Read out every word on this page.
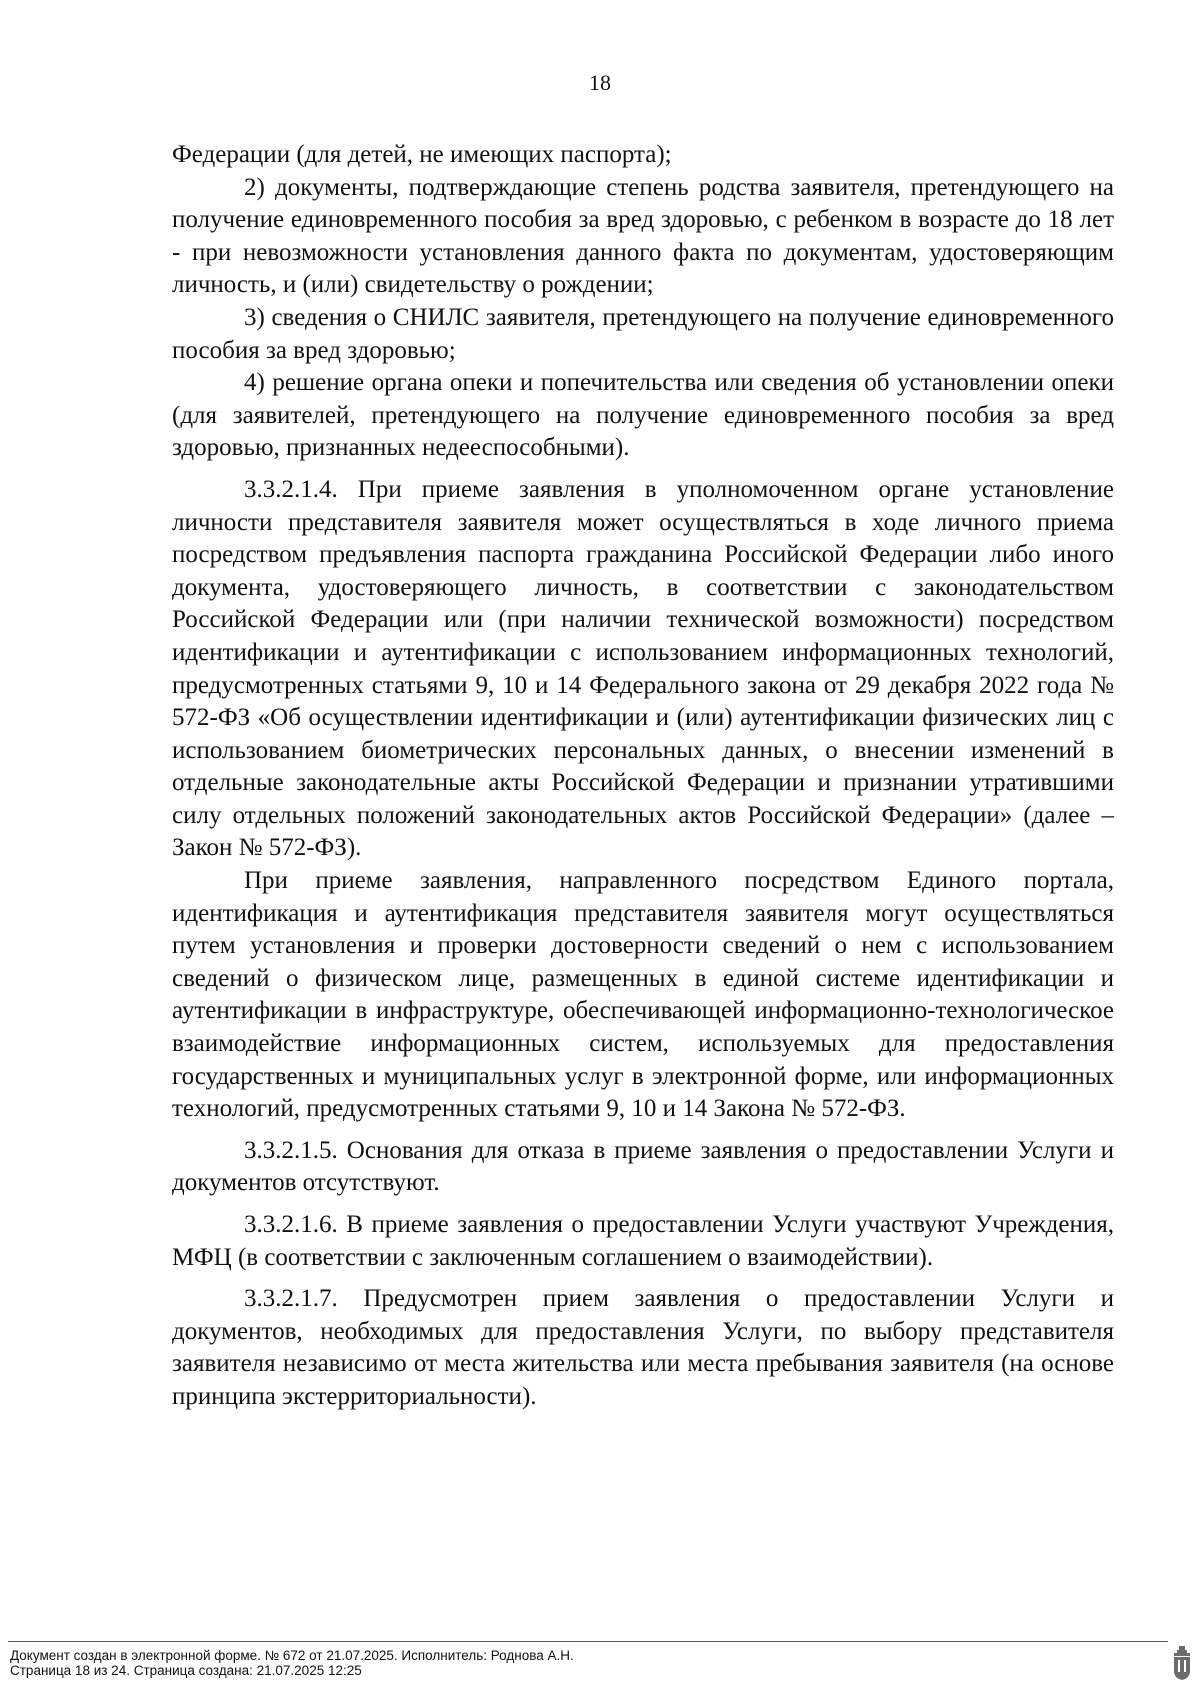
18

Федерации (для детей, не имеющих паспорта);

2) документы, подтверждающие степень родства заявителя, претендующего на получение единовременного пособия за вред здоровью, с ребенком в возрасте до 18 лет - при невозможности установления данного факта по документам, удостоверяющим личность, и (или) свидетельству о рождении;

3) сведения о СНИЛС заявителя, претендующего на получение единовременного пособия за вред здоровью;

4) решение органа опеки и попечительства или сведения об установлении опеки (для заявителей, претендующего на получение единовременного пособия за вред здоровью, признанных недееспособными).

3.3.2.1.4. При приеме заявления в уполномоченном органе установление личности представителя заявителя может осуществляться в ходе личного приема посредством предъявления паспорта гражданина Российской Федерации либо иного документа, удостоверяющего личность, в соответствии с законодательством Российской Федерации или (при наличии технической возможности) посредством идентификации и аутентификации с использованием информационных технологий, предусмотренных статьями 9, 10 и 14 Федерального закона от 29 декабря 2022 года № 572-ФЗ «Об осуществлении идентификации и (или) аутентификации физических лиц с использованием биометрических персональных данных, о внесении изменений в отдельные законодательные акты Российской Федерации и признании утратившими силу отдельных положений законодательных актов Российской Федерации» (далее – Закон № 572-ФЗ).

При приеме заявления, направленного посредством Единого портала, идентификация и аутентификация представителя заявителя могут осуществляться путем установления и проверки достоверности сведений о нем с использованием сведений о физическом лице, размещенных в единой системе идентификации и аутентификации в инфраструктуре, обеспечивающей информационно-технологическое взаимодействие информационных систем, используемых для предоставления государственных и муниципальных услуг в электронной форме, или информационных технологий, предусмотренных статьями 9, 10 и 14 Закона № 572-ФЗ.

3.3.2.1.5. Основания для отказа в приеме заявления о предоставлении Услуги и документов отсутствуют.

3.3.2.1.6. В приеме заявления о предоставлении Услуги участвуют Учреждения, МФЦ (в соответствии с заключенным соглашением о взаимодействии).

3.3.2.1.7. Предусмотрен прием заявления о предоставлении Услуги и документов, необходимых для предоставления Услуги, по выбору представителя заявителя независимо от места жительства или места пребывания заявителя (на основе принципа экстерриториальности).

Документ создан в электронной форме. № 672 от 21.07.2025. Исполнитель: Роднова А.Н.
Страница 18 из 24. Страница создана: 21.07.2025 12:25
